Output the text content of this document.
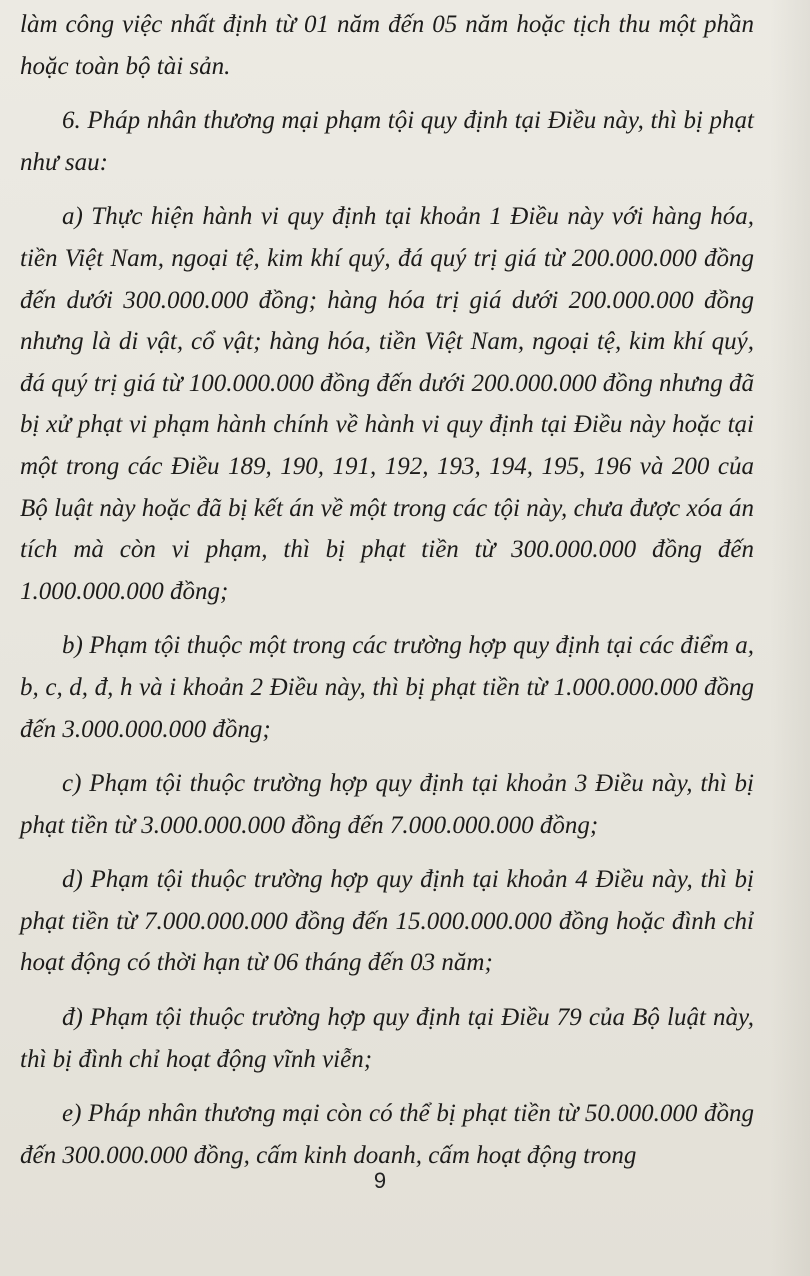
làm công việc nhất định từ 01 năm đến 05 năm hoặc tịch thu một phần hoặc toàn bộ tài sản.

6. Pháp nhân thương mại phạm tội quy định tại Điều này, thì bị phạt như sau:

a) Thực hiện hành vi quy định tại khoản 1 Điều này với hàng hóa, tiền Việt Nam, ngoại tệ, kim khí quý, đá quý trị giá từ 200.000.000 đồng đến dưới 300.000.000 đồng; hàng hóa trị giá dưới 200.000.000 đồng nhưng là di vật, cổ vật; hàng hóa, tiền Việt Nam, ngoại tệ, kim khí quý, đá quý trị giá từ 100.000.000 đồng đến dưới 200.000.000 đồng nhưng đã bị xử phạt vi phạm hành chính về hành vi quy định tại Điều này hoặc tại một trong các Điều 189, 190, 191, 192, 193, 194, 195, 196 và 200 của Bộ luật này hoặc đã bị kết án về một trong các tội này, chưa được xóa án tích mà còn vi phạm, thì bị phạt tiền từ 300.000.000 đồng đến 1.000.000.000 đồng;

b) Phạm tội thuộc một trong các trường hợp quy định tại các điểm a, b, c, d, đ, h và i khoản 2 Điều này, thì bị phạt tiền từ 1.000.000.000 đồng đến 3.000.000.000 đồng;

c) Phạm tội thuộc trường hợp quy định tại khoản 3 Điều này, thì bị phạt tiền từ 3.000.000.000 đồng đến 7.000.000.000 đồng;

d) Phạm tội thuộc trường hợp quy định tại khoản 4 Điều này, thì bị phạt tiền từ 7.000.000.000 đồng đến 15.000.000.000 đồng hoặc đình chỉ hoạt động có thời hạn từ 06 tháng đến 03 năm;

đ) Phạm tội thuộc trường hợp quy định tại Điều 79 của Bộ luật này, thì bị đình chỉ hoạt động vĩnh viễn;

e) Pháp nhân thương mại còn có thể bị phạt tiền từ 50.000.000 đồng đến 300.000.000 đồng, cấm kinh doanh, cấm hoạt động trong

9
